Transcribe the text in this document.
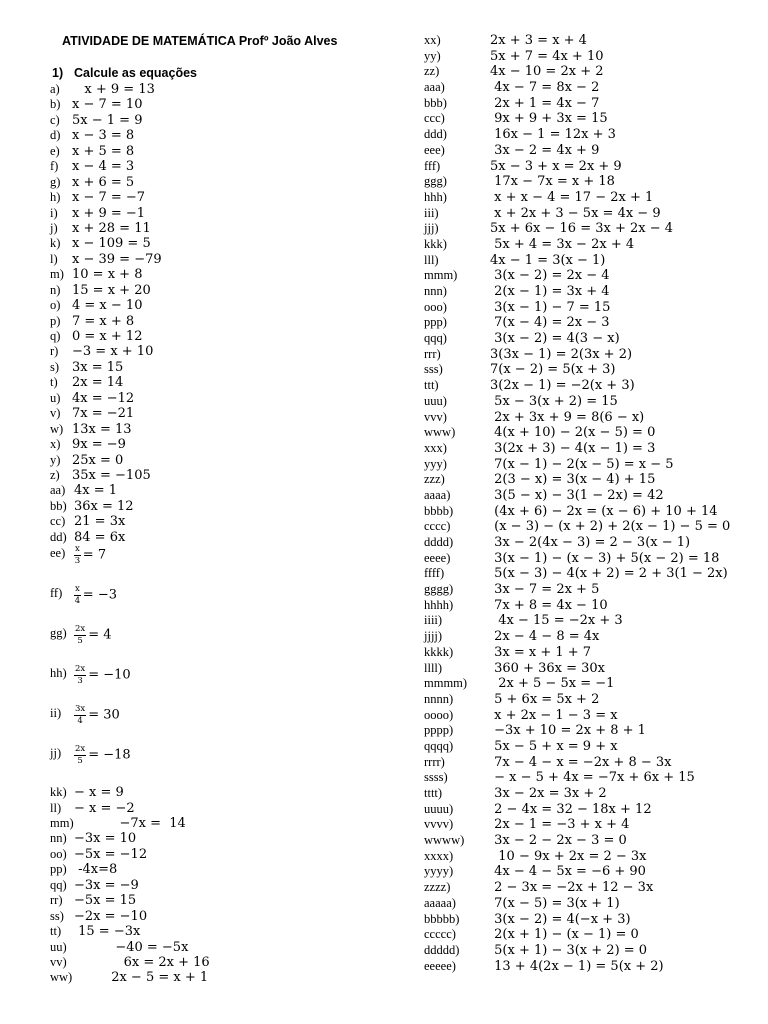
ATIVIDADE DE MATEMÁTICA Profº João Alves
1) Calcule as equações
a)   x + 9 = 13
b) x − 7 = 10
c) 5x − 1 = 9
d) x − 3 = 8
e) x + 5 = 8
f) x − 4 = 3
g) x + 6 = 5
h) x − 7 = −7
i) x + 9 = −1
j) x + 28 = 11
k) x − 109 = 5
l) x − 39 = −79
m) 10 = x + 8
n) 15 = x + 20
o) 4 = x − 10
p) 7 = x + 8
q) 0 = x + 12
r) −3 = x + 10
s) 3x = 15
t) 2x = 14
u) 4x = −12
v) 7x = −21
w) 13x = 13
x) 9x = −9
y) 25x = 0
z) 35x = −105
aa) 4x = 1
bb) 36x = 12
cc) 21 = 3x
dd) 84 = 6x
$ee) \frac{x}{3} = 7$
$ff) \frac{x}{4} = -3$
$gg) \frac{2x}{5} = 4$
$hh) \frac{2x}{3} = -10$
$ii) \frac{3x}{4} = 30$
$jj) \frac{2x}{5} = -18$
kk) − x = 9
ll) − x = −2
mm)           −7x =  14
nn) −3x = 10
oo) −5x = −12
pp) -4x=8
qq) −3x = −9
rr) −5x = 15
ss) −2x = −10
tt) 15 = −3x
uu)          −40 = −5x
vv)            6x = 2x + 16
ww)         2x − 5 = x + 1
xx)	2x + 3 = x + 4
yy)	5x + 7 = 4x + 10
zz)	4x − 10 = 2x + 2
aaa)	4x − 7 = 8x − 2
bbb)	2x + 1 = 4x − 7
ccc)	9x + 9 + 3x = 15
ddd)	16x − 1 = 12x + 3
eee)	3x − 2 = 4x + 9
fff)	5x − 3 + x = 2x + 9
ggg)	17x − 7x = x + 18
hhh)	x + x − 4 = 17 − 2x + 1
iii)	x + 2x + 3 − 5x = 4x − 9
jjj)	5x + 6x − 16 = 3x + 2x − 4
kkk)	5x + 4 = 3x − 2x + 4
lll)	4x − 1 = 3(x − 1)
mmm)	3(x − 2) = 2x − 4
nnn)	2(x − 1) = 3x + 4
ooo)	3(x − 1) − 7 = 15
ppp)	7(x − 4) = 2x − 3
qqq)	3(x − 2) = 4(3 − x)
rrr)	3(3x − 1) = 2(3x + 2)
sss)	7(x − 2) = 5(x + 3)
ttt)	3(2x − 1) = −2(x + 3)
uuu)	5x − 3(x + 2) = 15
vvv)	2x + 3x + 9 = 8(6 − x)
www)	4(x + 10) − 2(x − 5) = 0
xxx)	3(2x + 3) − 4(x − 1) = 3
yyy)	7(x − 1) − 2(x − 5) = x − 5
zzz)	2(3 − x) = 3(x − 4) + 15
aaaa)	3(5 − x) − 3(1 − 2x) = 42
bbbb)	(4x + 6) − 2x = (x − 6) + 10 + 14
cccc)	(x − 3) − (x + 2) + 2(x − 1) − 5 = 0
dddd)	3x − 2(4x − 3) = 2 − 3(x − 1)
eeee)	3(x − 1) − (x − 3) + 5(x − 2) = 18
ffff)	5(x − 3) − 4(x + 2) = 2 + 3(1 − 2x)
gggg)	3x − 7 = 2x + 5
hhhh)	7x + 8 = 4x − 10
iiii)	4x − 15 = −2x + 3
jjjj)	2x − 4 − 8 = 4x
kkkk)	3x = x + 1 + 7
llll)	360 + 36x = 30x
mmmm)  2x + 5 − 5x = −1
nnnn)	5 + 6x = 5x + 2
oooo)	x + 2x − 1 − 3 = x
pppp)	−3x + 10 = 2x + 8 + 1
qqqq)	5x − 5 + x = 9 + x
rrrr)	7x − 4 − x = −2x + 8 − 3x
ssss)	− x − 5 + 4x = −7x + 6x + 15
tttt)	3x − 2x = 3x + 2
uuuu)	2 − 4x = 32 − 18x + 12
vvvv)	2x − 1 = −3 + x + 4
wwww) 3x − 2 − 2x − 3 = 0
xxxx)	10 − 9x + 2x = 2 − 3x
yyyy)	4x − 4 − 5x = −6 + 90
zzzz)	2 − 3x = −2x + 12 − 3x
aaaaa)	7(x − 5) = 3(x + 1)
bbbbb) 3(x − 2) = 4(−x + 3)
ccccc)	2(x + 1) − (x − 1) = 0
ddddd) 5(x + 1) − 3(x + 2) = 0
eeeee)	13 + 4(2x − 1) = 5(x + 2)
